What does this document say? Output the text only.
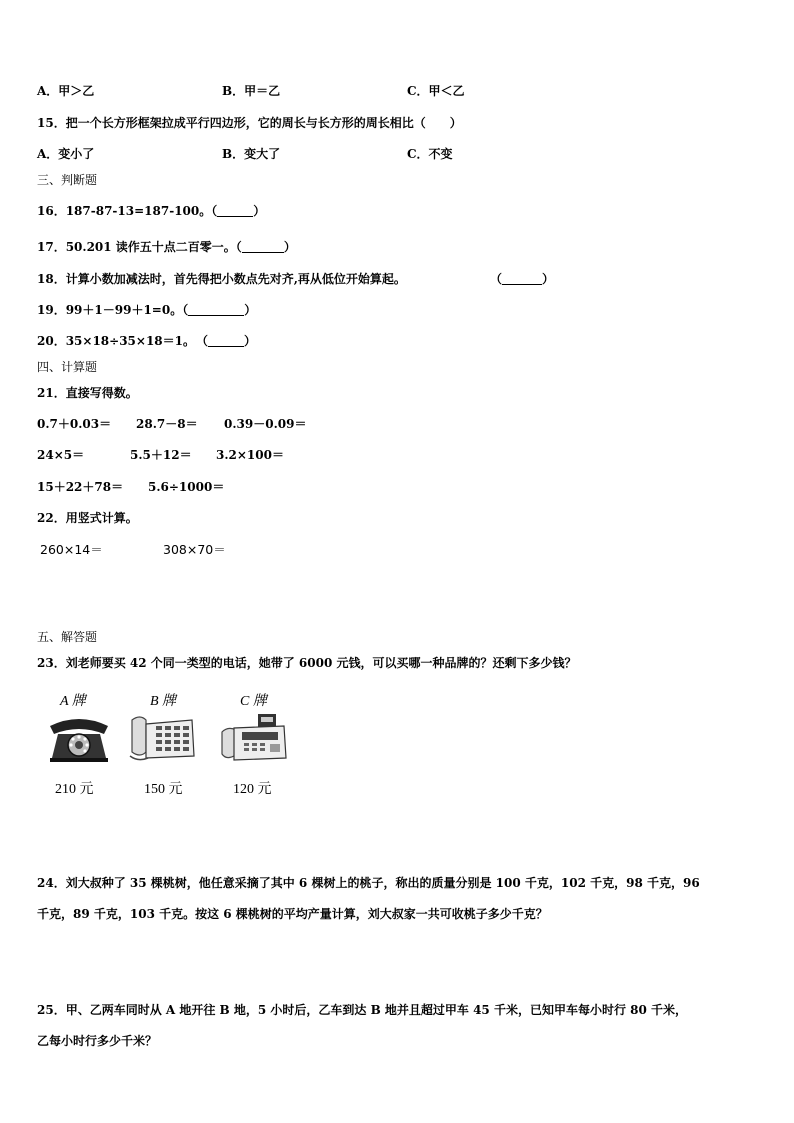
A．甲＞乙	B．甲＝乙	C．甲＜乙
15．把一个长方形框架拉成平行四边形，它的周长与长方形的周长相比（　　）
A．变小了	B．变大了	C．不变
三、判断题
16．187-87-13=187-100。（	）
17．50.201 读作五十点二百零一。（	）
18．计算小数加减法时，首先得把小数点先对齐,再从低位开始算起。	（	）
19．99＋1－99＋1=0。（	）
20．35×18÷35×18＝1。 （	）
四、计算题
21．直接写得数。
0.7＋0.03＝ 28.7－8＝ 0.39－0.09＝
24×5＝	5.5＋12＝ 3.2×100＝
15＋22＋78＝ 5.6÷1000＝
22．用竖式计算。
260×14＝	308×70＝
五、解答题
23．刘老师要买 42 个同一类型的电话，她带了 6000 元钱，可以买哪一种品牌的？还剩下多少钱？
A 牌	B 牌	C 牌
210 元	150 元	120 元
24．刘大叔种了 35 棵桃树，他任意采摘了其中 6 棵树上的桃子，称出的质量分别是 100 千克，102 千克，98 千克，96
千克，89 千克，103 千克。按这 6 棵桃树的平均产量计算，刘大叔家一共可收桃子多少千克？
25．甲、乙两车同时从 A 地开往 B 地，5 小时后，乙车到达 B 地并且超过甲车 45 千米，已知甲车每小时行 80 千米，
乙每小时行多少千米？
